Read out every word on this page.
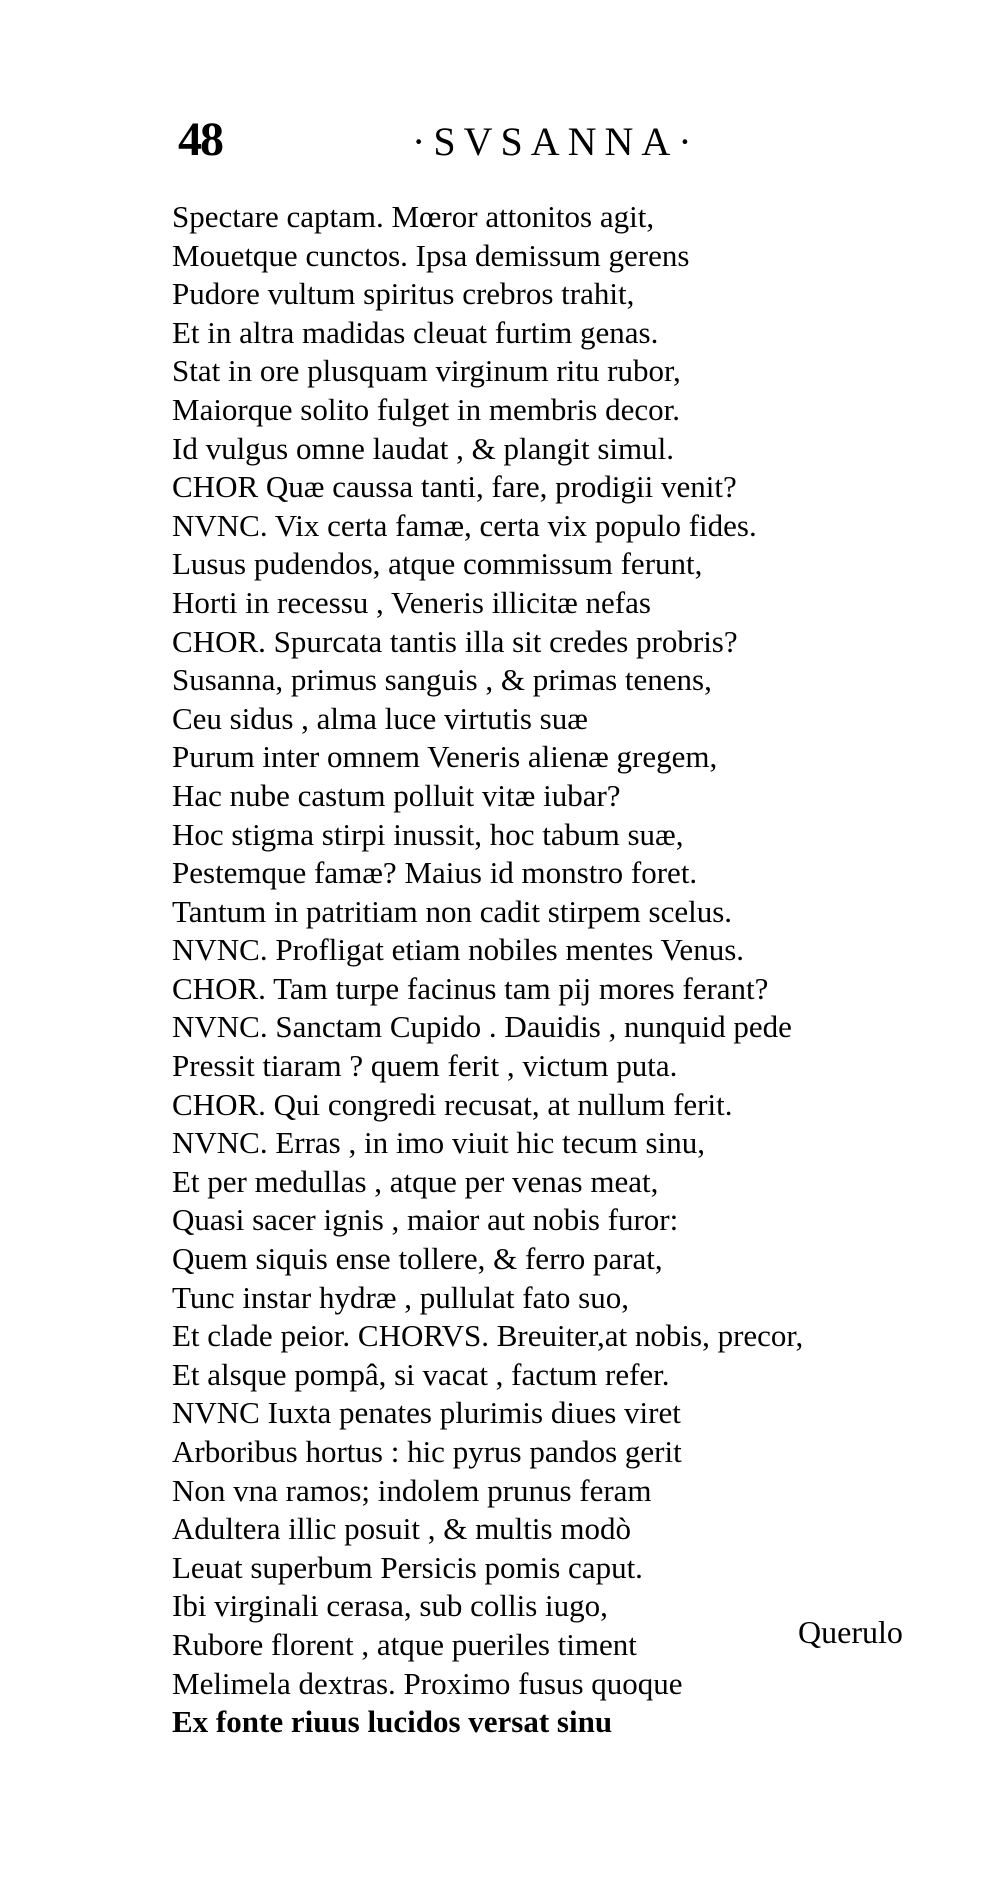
48	·SVSANNA·
Spectare captam. Mœror attonitos agit,
Mouetque cunctos. Ipsa demissum gerens
Pudore vultum spiritus crebros trahit,
Et in altra madidas cleuat furtim genas.
Stat in ore plusquam virginum ritu rubor,
Maiorque solito fulget in membris decor.
Id vulgus omne laudat , & plangit simul.
CHOR Quæ caussa tanti, fare, prodigii venit?
NVNC. Vix certa famæ, certa vix populo fides.
Lusus pudendos, atque commissum ferunt,
Horti in recessu , Veneris illicitæ nefas
CHOR. Spurcata tantis illa sit credes probris?
Susanna, primus sanguis , & primas tenens,
Ceu sidus , alma luce virtutis suæ
Purum inter omnem Veneris alienæ gregem,
Hac nube castum polluit vitæ iubar?
Hoc stigma stirpi inussit, hoc tabum suæ,
Pestemque famæ? Maius id monstro foret.
Tantum in patritiam non cadit stirpem scelus.
NVNC. Profligat etiam nobiles mentes Venus.
CHOR. Tam turpe facinus tam pij mores ferant?
NVNC. Sanctam Cupido . Dauidis , nunquid pede
Pressit tiaram ? quem ferit , victum puta.
CHOR. Qui congredi recusat, at nullum ferit.
NVNC. Erras , in imo viuit hic tecum sinu,
Et per medullas , atque per venas meat,
Quasi sacer ignis , maior aut nobis furor:
Quem siquis ense tollere, & ferro parat,
Tunc instar hydræ , pullulat fato suo,
Et clade peior. CHORVS. Breuiter,at nobis, precor,
Et alsque pompâ, si vacat , factum refer.
NVNC Iuxta penates plurimis diues viret
Arboribus hortus : hic pyrus pandos gerit
Non vna ramos; indolem prunus feram
Adultera illic posuit , & multis modò
Leuat superbum Persicis pomis caput.
Ibi virginali cerasa, sub collis iugo,
Rubore florent , atque pueriles timent
Melimela dextras. Proximo fusus quoque
Ex fonte riuus lucidos versat sinu
Querulo
